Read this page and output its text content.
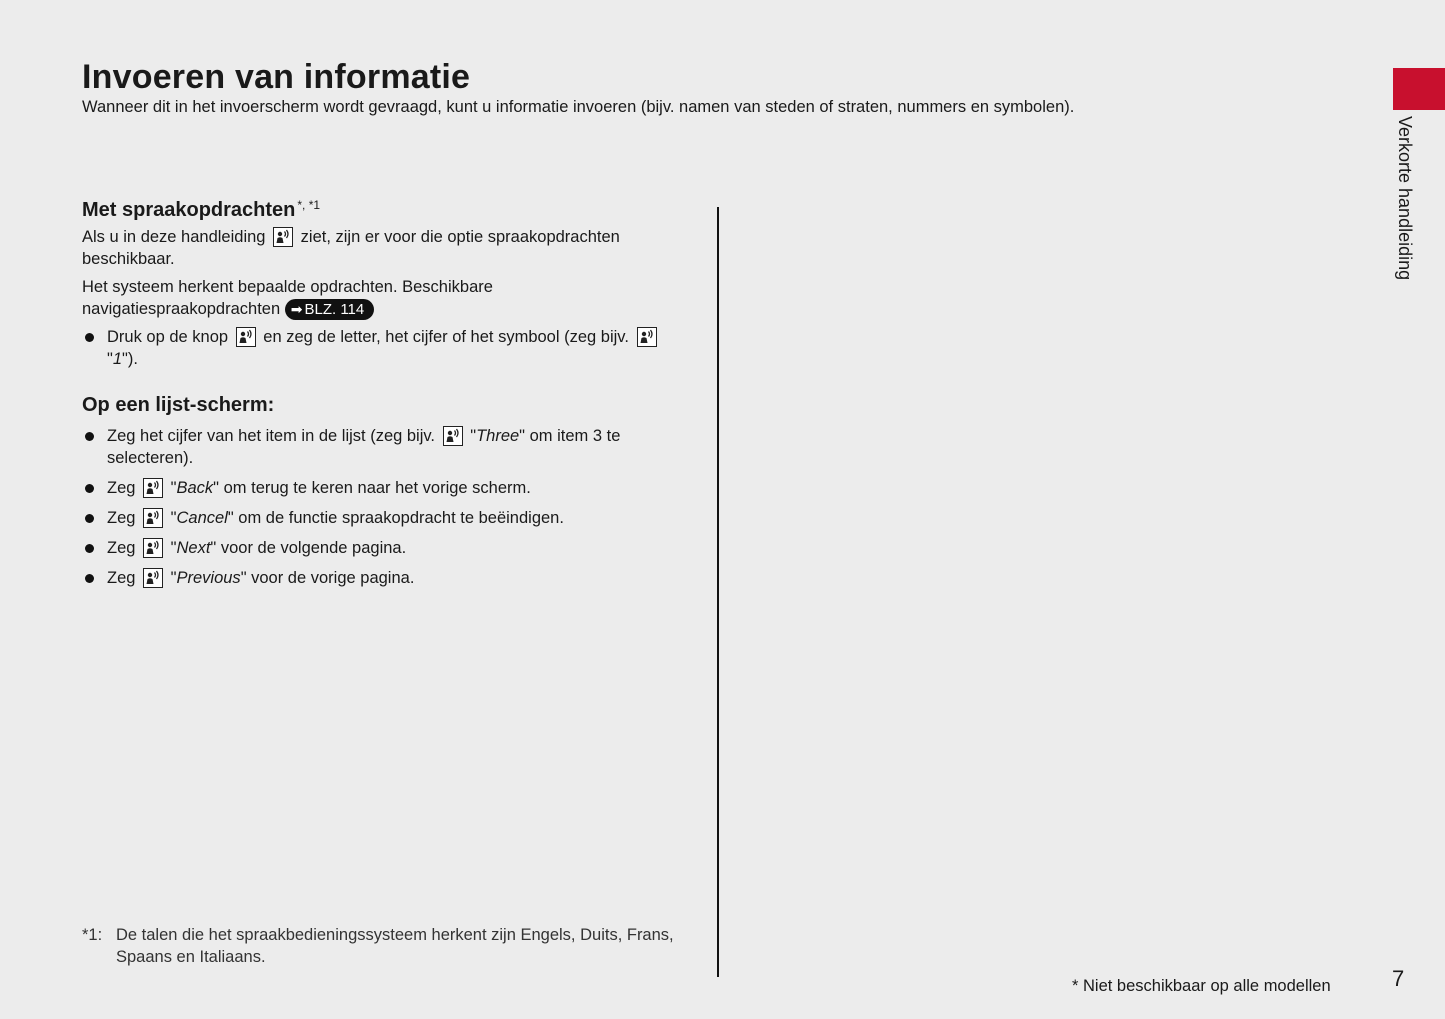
Invoeren van informatie
Wanneer dit in het invoerscherm wordt gevraagd, kunt u informatie invoeren (bijv. namen van steden of straten, nummers en symbolen).
Met spraakopdrachten $^{*, *1}$

Als u in deze handleiding ziet, zijn er voor die optie spraakopdrachten beschikbaar.

Het systeem herkent bepaalde opdrachten. Beschikbare navigatiespraakopdrachten ➡ BLZ. 114

Druk op de knop en zeg de letter, het cijfer of het symbool (zeg bijv.
"1").
Op een lijst-scherm:
Zeg het cijfer van het item in de lijst (zeg bijv. "Three" om item 3 te selecteren).
Zeg "Back" om terug te keren naar het vorige scherm.
Zeg "Cancel" om de functie spraakopdracht te beëindigen.
Zeg "Next" voor de volgende pagina.
Zeg "Previous" voor de vorige pagina.
*1: De talen die het spraakbedieningssysteem herkent zijn Engels, Duits, Frans, Spaans en Italiaans.
Verkorte handleiding
* Niet beschikbaar op alle modellen	7
